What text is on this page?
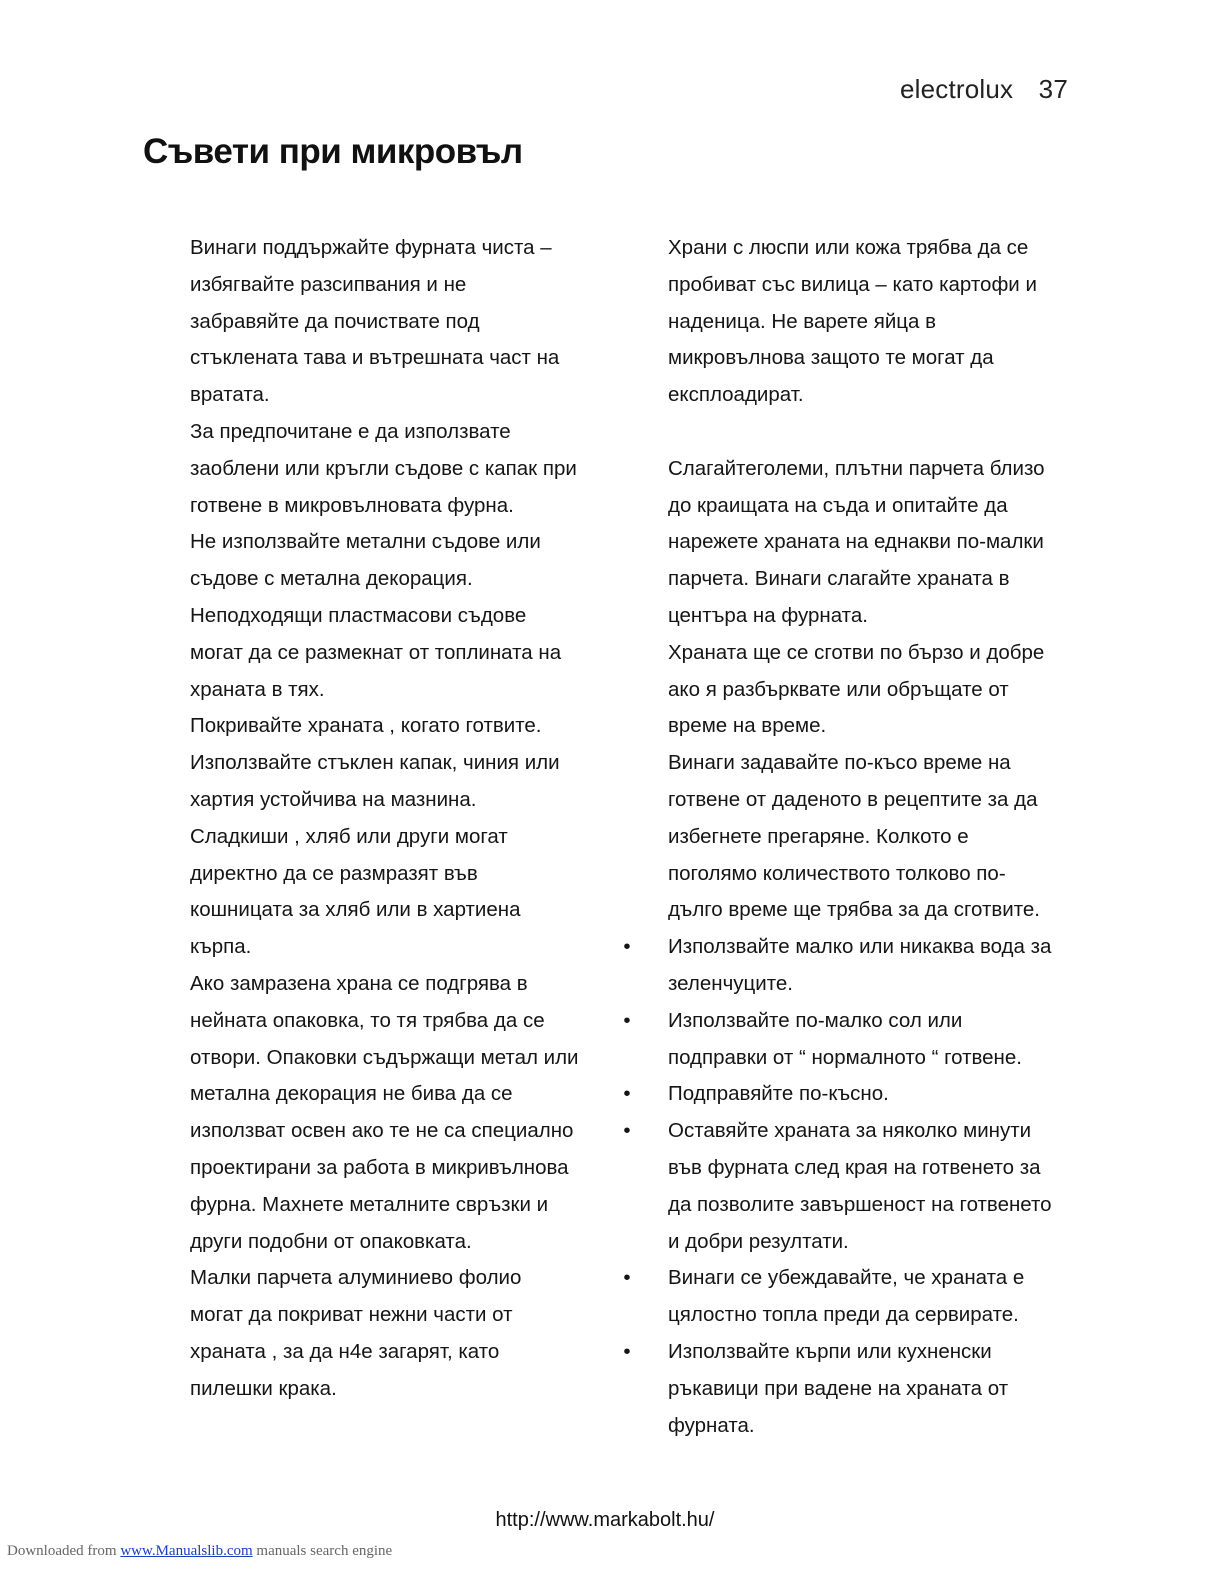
electrolux 37
Съвети при микровъл

Винаги поддържайте фурната чиста –

избягвайте разсипвания и не

забравяйте да почиствате под

стъклената тава и вътрешната част на

вратата.

За предпочитане е да използвате

заоблени или кръгли съдове с капак при

готвене в микровълновата фурна.

Не използвайте метални съдове или

съдове с метална декорация.

Неподходящи пластмасови съдове

могат да се размекнат от топлината на

храната в тях.

Покривайте храната , когато готвите.

Използвайте стъклен капак, чиния или

хартия устойчива на мазнина.

Сладкиши , хляб или други могат

директно да се размразят във

кошницата за хляб или в хартиена

кърпа.

Ако замразена храна се подгрява в

нейната опаковка, то тя трябва да се

отвори. Опаковки съдържащи метал или

метална декорация не бива да се

използват освен ако те не са специално

проектирани за работа в микривълнова

фурна. Махнете металните свръзки и

други подобни от опаковката.

Малки парчета алуминиево фолио

могат да покриват нежни части от

храната , за да н4е загарят, като

пилешки крака.

Храни с люспи или кожа трябва да се

пробиват със вилица – като картофи и

наденица. Не варете яйца в

микровълнова защото те могат да

експлоадират.

Слагайтеголеми, плътни парчета близо

до краищата на съда и опитайте да

нарежете храната на еднакви по-малки

парчета. Винаги слагайте храната в

центъра на фурната.

Храната ще се сготви по бързо и добре

ако я разбърквате или обръщате от

време на време.

Винаги задавайте по-късо време на

готвене от даденото в рецептите за да

избегнете прегаряне. Колкото е

поголямо количеството толково по-

дълго време ще трябва за да сготвите.

• Използвайте малко или никаква вода за

зеленчуците.

• Използвайте по-малко сол или

подправки от “ нормалното “ готвене.

• Подправяйте по-късно.

• Оставяйте храната за няколко минути

във фурната след края на готвенето за

да позволите завършеност на готвенето

и добри резултати.

• Винаги се убеждавайте, че храната е

цялостно топла преди да сервирате.

• Използвайте кърпи или кухненски

ръкавици при вадене на храната от

фурната.

http://www.markabolt.hu/
Downloaded from www.Manualslib.com manuals search engine
